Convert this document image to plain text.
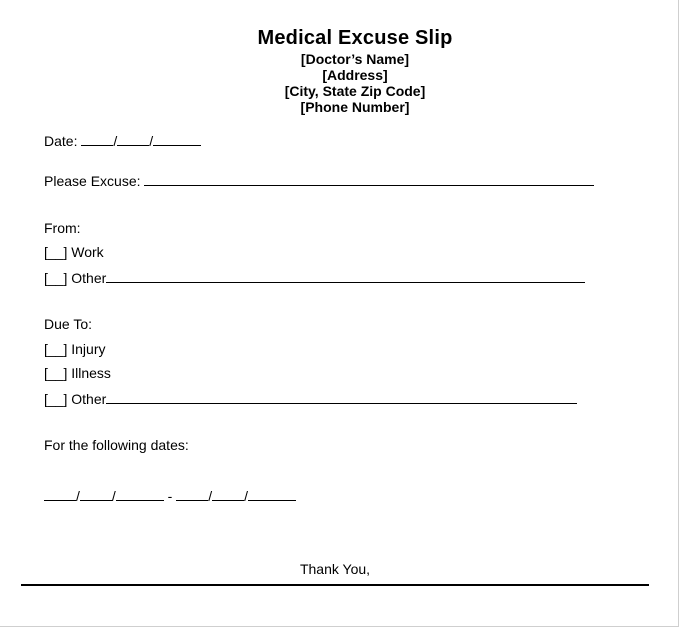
Medical Excuse Slip
[Doctor’s Name]
[Address]
[City, State Zip Code]
[Phone Number]
Date:	/ /
Please Excuse:
From:
[__] Work
[__] Other
Due To:
[__] Injury
[__] Illness
[__] Other
For the following dates:
/ /	-	/ /
Thank You,
